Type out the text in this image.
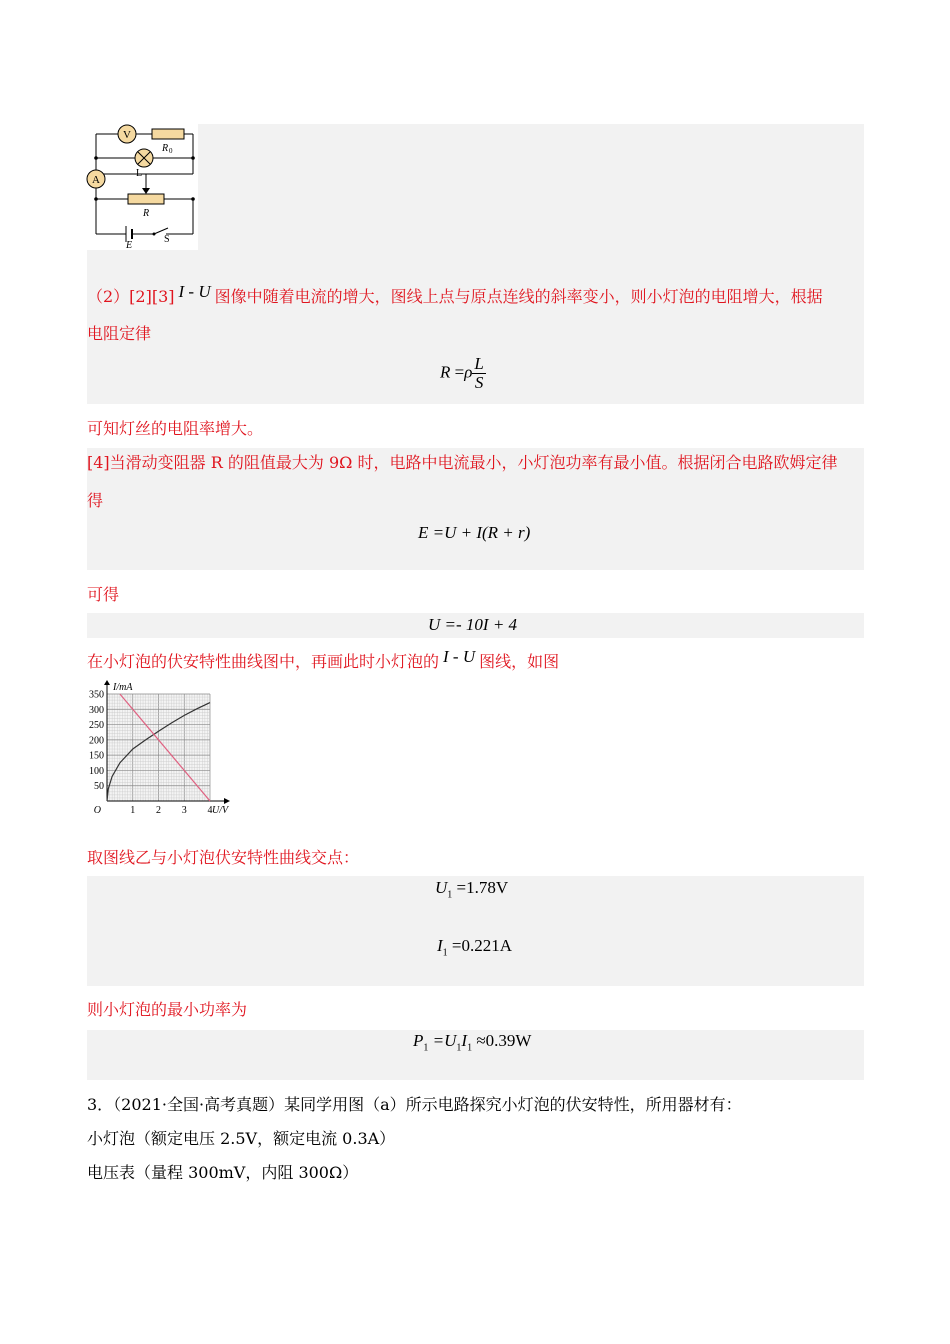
V
A
R 0
L
R
E
S
（2）[2][3] I - U 图像中随着电流的增大，图线上点与原点连线的斜率变小，则小灯泡的电阻增大，根据
电阻定律
$R =\rho \frac{L}{S}$
可知灯丝的电阻率增大。
[4]当滑动变阻器 R 的阻值最大为 9Ω 时，电路中电流最小，小灯泡功率有最小值。根据闭合电路欧姆定律
得
E =U + I(R + r)
可得
U =- 10I + 4
在小灯泡的伏安特性曲线图中，再画此时小灯泡的 I - U 图线，如图
50
100
150
200
250
300
350
1 2 3 4
O
I/mA
U/V
取图线乙与小灯泡伏安特性曲线交点：
$U_1 =1.78V$
$I_1 =0.221A$
则小灯泡的最小功率为
$P_1 =U_1I_1 \approx 0.39W$
3．（2021·全国·高考真题）某同学用图（a）所示电路探究小灯泡的伏安特性，所用器材有：
小灯泡（额定电压 2.5V，额定电流 0.3A）
电压表（量程 300mV，内阻 300Ω）
